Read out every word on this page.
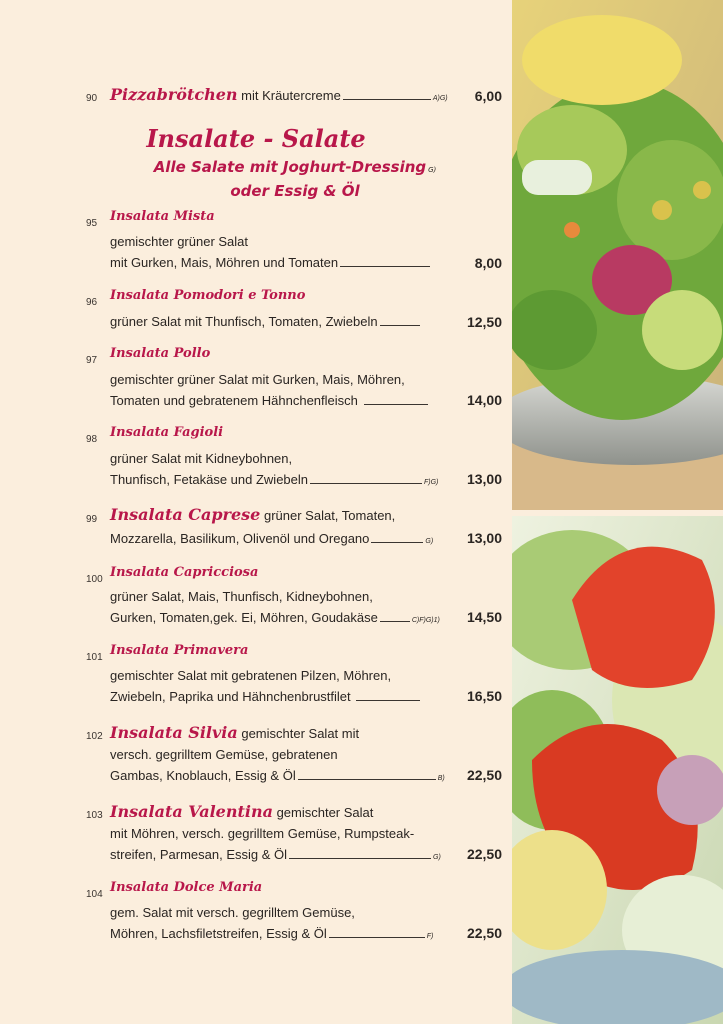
90 Pizzabrötchen mit Kräutercreme	A)G)	6,00
Insalate - Salate
Alle Salate mit Joghurt-Dressing G)
oder Essig & Öl
95 Insalata Mista
gemischter grüner Salat
mit Gurken, Mais, Möhren und Tomaten	8,00
96 Insalata Pomodori e Tonno
grüner Salat mit Thunfisch, Tomaten, Zwiebeln	12,50
97 Insalata Pollo
gemischter grüner Salat mit Gurken, Mais, Möhren,
Tomaten und gebratenem Hähnchenfleisch	14,00
98 Insalata Fagioli
grüner Salat mit Kidneybohnen,
Thunfisch, Fetakäse und Zwiebeln	F)G)	13,00
99 Insalata Caprese grüner Salat, Tomaten,
Mozzarella, Basilikum, Olivenöl und Oregano	G)	13,00
100 Insalata Capricciosa
grüner Salat, Mais, Thunfisch, Kidneybohnen,
Gurken, Tomaten,gek. Ei, Möhren, Goudakäse	C)F)G)1)	14,50
101 Insalata Primavera
gemischter Salat mit gebratenen Pilzen, Möhren,
Zwiebeln, Paprika und Hähnchenbrustfilet	16,50
102 Insalata Silvia gemischter Salat mit
versch. gegrilltem Gemüse, gebratenen
Gambas, Knoblauch, Essig & Öl	B)	22,50
103 Insalata Valentina gemischter Salat
mit Möhren, versch. gegrilltem Gemüse, Rumpsteak-
streifen, Parmesan, Essig & Öl	G)	22,50
104 Insalata Dolce Maria
gem. Salat mit versch. gegrilltem Gemüse,
Möhren, Lachsfiletstreifen, Essig & Öl	F)	22,50
